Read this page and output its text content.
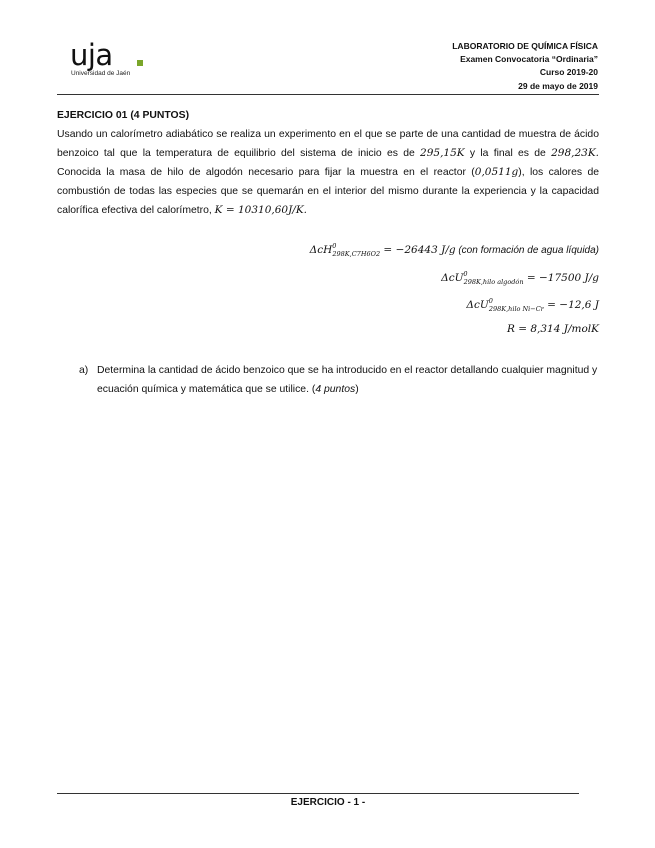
uja
Universidad de Jaén
LABORATORIO DE QUÍMICA FÍSICA
Examen Convocatoria “Ordinaria”
Curso 2019-20
29 de mayo de 2019
EJERCICIO 01 (4 PUNTOS)
Usando un calorímetro adiabático se realiza un experimento en el que se parte de una cantidad de muestra de ácido benzoico tal que la temperatura de equilibrio del sistema de inicio es de 295,15K y la final es de 298,23K. Conocida la masa de hilo de algodón necesario para fijar la muestra en el reactor (0,0511g), los calores de combustión de todas las especies que se quemarán en el interior del mismo durante la experiencia y la capacidad calorífica efectiva del calorímetro, K = 10310,60J/K.
ΔcH$^0_{298K,C7H6O2}$ = −26443 J/g (con formación de agua líquida)
ΔcU$^0_{298K,hilo algodón}$ = −17500 J/g
ΔcU$^0_{298K,hilo Ni-Cr}$ = −12,6 J
R = 8,314 J/molK
a) Determina la cantidad de ácido benzoico que se ha introducido en el reactor detallando cualquier magnitud y ecuación química y matemática que se utilice. (4 puntos)
EJERCICIO - 1 -
